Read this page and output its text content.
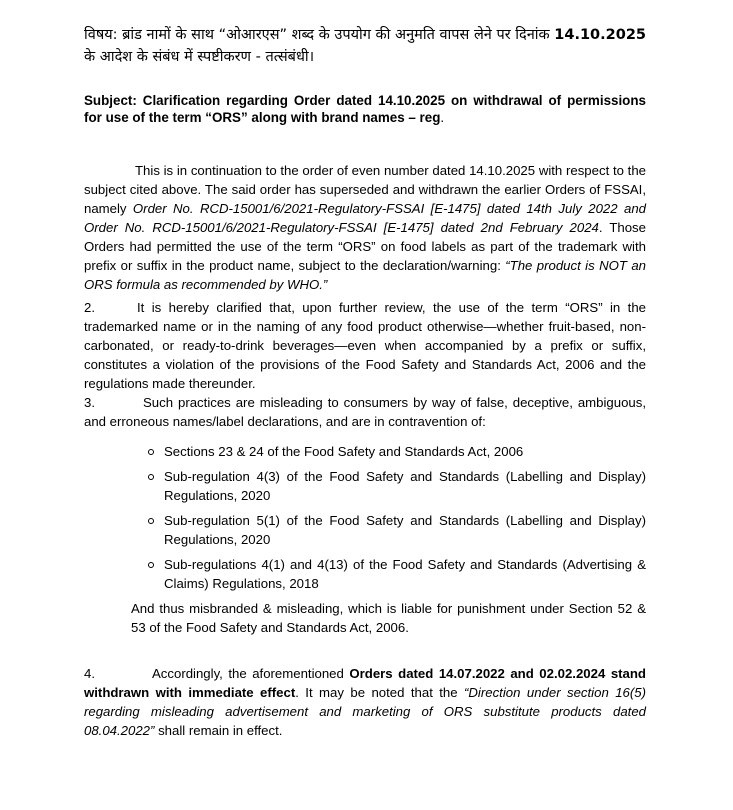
विषय: ब्रांड नामों के साथ “ओआरएस” शब्द के उपयोग की अनुमति वापस लेने पर दिनांक 14.10.2025 के आदेश के संबंध में स्पष्टीकरण - तत्संबंधी।

Subject: Clarification regarding Order dated 14.10.2025 on withdrawal of permissions for use of the term “ORS” along with brand names – reg.

This is in continuation to the order of even number dated 14.10.2025 with respect to the subject cited above. The said order has superseded and withdrawn the earlier Orders of FSSAI, namely Order No. RCD-15001/6/2021-Regulatory-FSSAI [E-1475] dated 14th July 2022 and Order No. RCD-15001/6/2021-Regulatory-FSSAI [E-1475] dated 2nd February 2024. Those Orders had permitted the use of the term “ORS” on food labels as part of the trademark with prefix or suffix in the product name, subject to the declaration/warning: “The product is NOT an ORS formula as recommended by WHO.”

2.	It is hereby clarified that, upon further review, the use of the term “ORS” in the trademarked name or in the naming of any food product otherwise—whether fruit-based, non-carbonated, or ready-to-drink beverages—even when accompanied by a prefix or suffix, constitutes a violation of the provisions of the Food Safety and Standards Act, 2006 and the regulations made thereunder.

3.	Such practices are misleading to consumers by way of false, deceptive, ambiguous, and erroneous names/label declarations, and are in contravention of:

Sections 23 & 24 of the Food Safety and Standards Act, 2006
Sub-regulation 4(3) of the Food Safety and Standards (Labelling and Display) Regulations, 2020
Sub-regulation 5(1) of the Food Safety and Standards (Labelling and Display) Regulations, 2020
Sub-regulations 4(1) and 4(13) of the Food Safety and Standards (Advertising & Claims) Regulations, 2018

And thus misbranded & misleading, which is liable for punishment under Section 52 & 53 of the Food Safety and Standards Act, 2006.

4.	Accordingly, the aforementioned Orders dated 14.07.2022 and 02.02.2024 stand withdrawn with immediate effect. It may be noted that the “Direction under section 16(5) regarding misleading advertisement and marketing of ORS substitute products dated 08.04.2022” shall remain in effect.
